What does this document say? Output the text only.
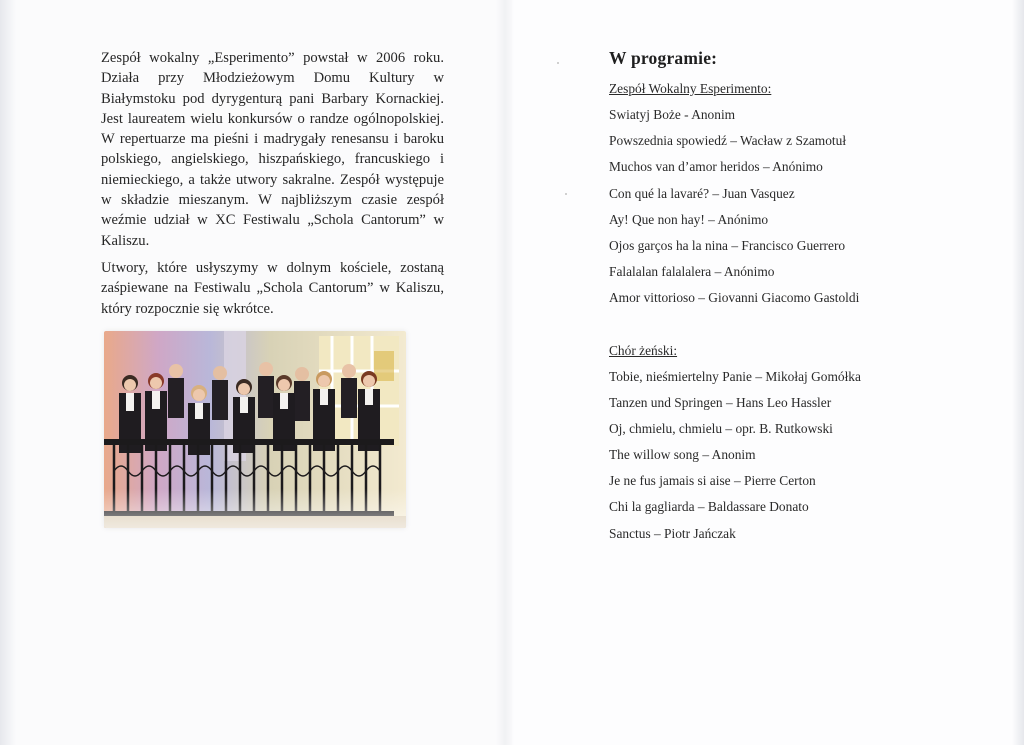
Zespół wokalny „Esperimento” powstał w 2006 roku. Działa przy Młodzieżowym Domu Kultury w Białymstoku pod dyrygenturą pani Barbary Kornackiej. Jest laureatem wielu konkursów o randze ogólnopolskiej. W repertuarze ma pieśni i madrygały renesansu i baroku polskiego, angielskiego, hiszpańskiego, francuskiego i niemieckiego, a także utwory sakralne. Zespół występuje w składzie mieszanym. W najbliższym czasie zespół weźmie udział w XC Festiwalu „Schola Cantorum” w Kaliszu.

Utwory, które usłyszymy w dolnym kościele, zostaną zaśpiewane na Festiwalu „Schola Cantorum” w Kaliszu, który rozpocznie się wkrótce.

W programie:
Zespół Wokalny Esperimento:
Swiatyj Boże - Anonim
Powszednia spowiedź – Wacław z Szamotuł
Muchos van d’amor heridos – Anónimo
Con qué la lavaré? – Juan Vasquez
Ay! Que non hay! – Anónimo
Ojos garços ha la nina – Francisco Guerrero
Falalalan falalalera – Anónimo
Amor vittorioso – Giovanni Giacomo Gastoldi
Chór żeński:
Tobie, nieśmiertelny Panie – Mikołaj Gomółka
Tanzen und Springen – Hans Leo Hassler
Oj, chmielu, chmielu – opr. B. Rutkowski
The willow song – Anonim
Je ne fus jamais si aise – Pierre Certon
Chi la gagliarda – Baldassare Donato
Sanctus – Piotr Jańczak
